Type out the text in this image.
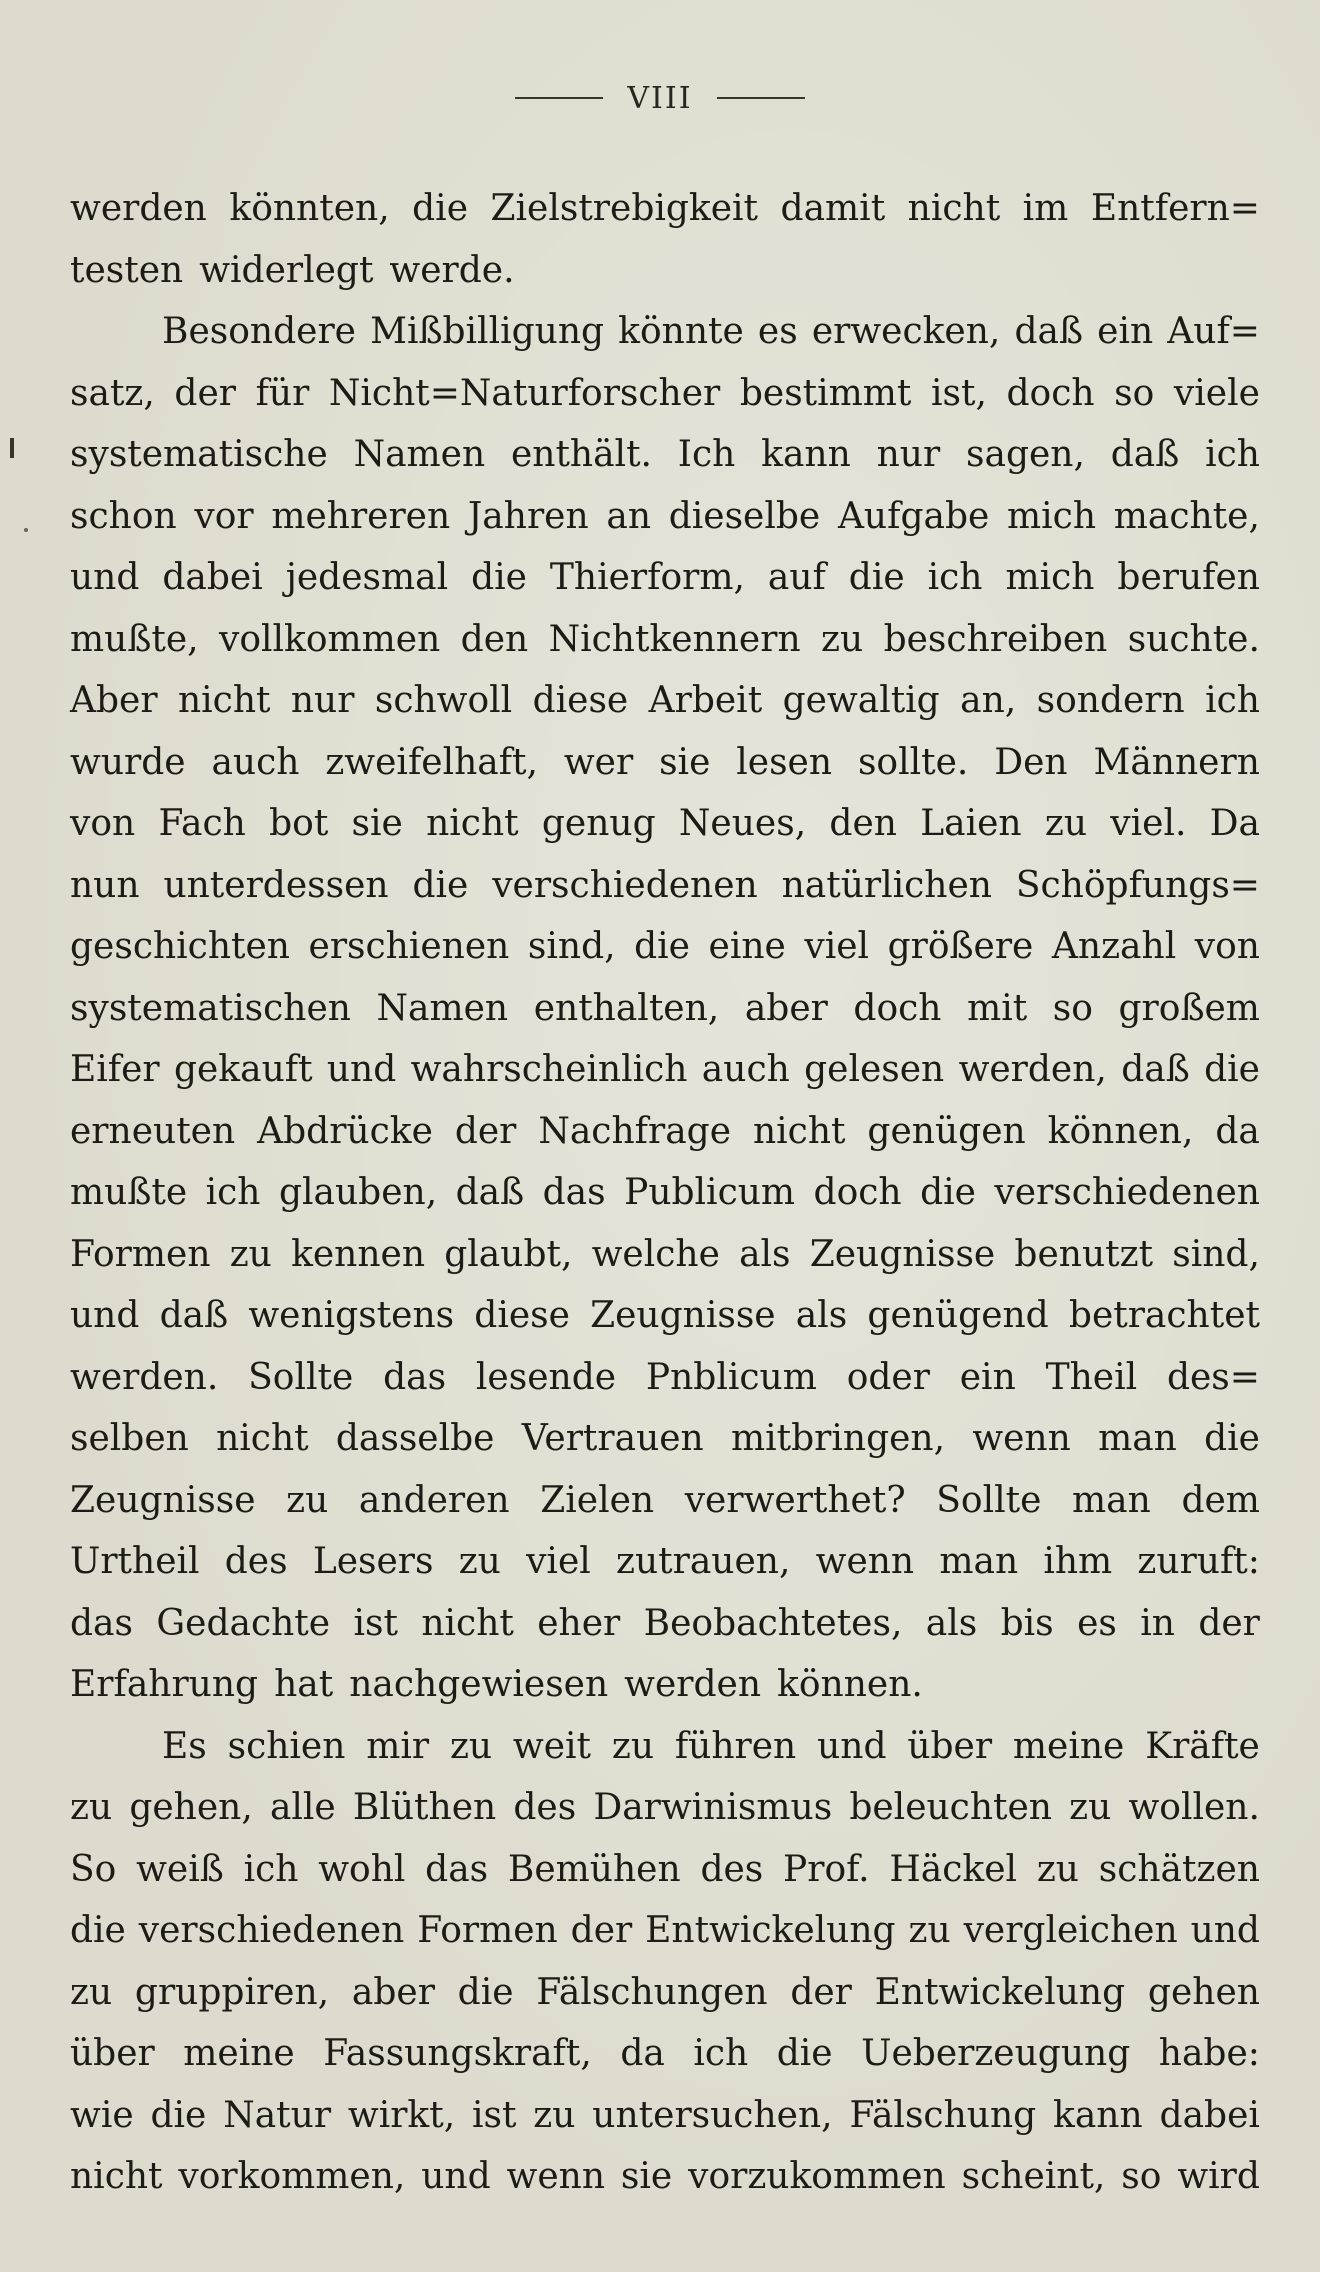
VIII
werden könnten, die Zielstrebigkeit damit nicht im Entfern=
testen widerlegt werde.
Besondere Mißbilligung könnte es erwecken, daß ein Auf=
satz, der für Nicht=Naturforscher bestimmt ist, doch so viele
systematische Namen enthält. Ich kann nur sagen, daß ich
schon vor mehreren Jahren an dieselbe Aufgabe mich machte,
und dabei jedesmal die Thierform, auf die ich mich berufen
mußte, vollkommen den Nichtkennern zu beschreiben suchte.
Aber nicht nur schwoll diese Arbeit gewaltig an, sondern ich
wurde auch zweifelhaft, wer sie lesen sollte. Den Männern
von Fach bot sie nicht genug Neues, den Laien zu viel. Da
nun unterdessen die verschiedenen natürlichen Schöpfungs=
geschichten erschienen sind, die eine viel größere Anzahl von
systematischen Namen enthalten, aber doch mit so großem
Eifer gekauft und wahrscheinlich auch gelesen werden, daß die
erneuten Abdrücke der Nachfrage nicht genügen können, da
mußte ich glauben, daß das Publicum doch die verschiedenen
Formen zu kennen glaubt, welche als Zeugnisse benutzt sind,
und daß wenigstens diese Zeugnisse als genügend betrachtet
werden. Sollte das lesende Pnblicum oder ein Theil des=
selben nicht dasselbe Vertrauen mitbringen, wenn man die
Zeugnisse zu anderen Zielen verwerthet? Sollte man dem
Urtheil des Lesers zu viel zutrauen, wenn man ihm zuruft:
das Gedachte ist nicht eher Beobachtetes, als bis es in der
Erfahrung hat nachgewiesen werden können.
Es schien mir zu weit zu führen und über meine Kräfte
zu gehen, alle Blüthen des Darwinismus beleuchten zu wollen.
So weiß ich wohl das Bemühen des Prof. Häckel zu schätzen
die verschiedenen Formen der Entwickelung zu vergleichen und
zu gruppiren, aber die Fälschungen der Entwickelung gehen
über meine Fassungskraft, da ich die Ueberzeugung habe:
wie die Natur wirkt, ist zu untersuchen, Fälschung kann dabei
nicht vorkommen, und wenn sie vorzukommen scheint, so wird
